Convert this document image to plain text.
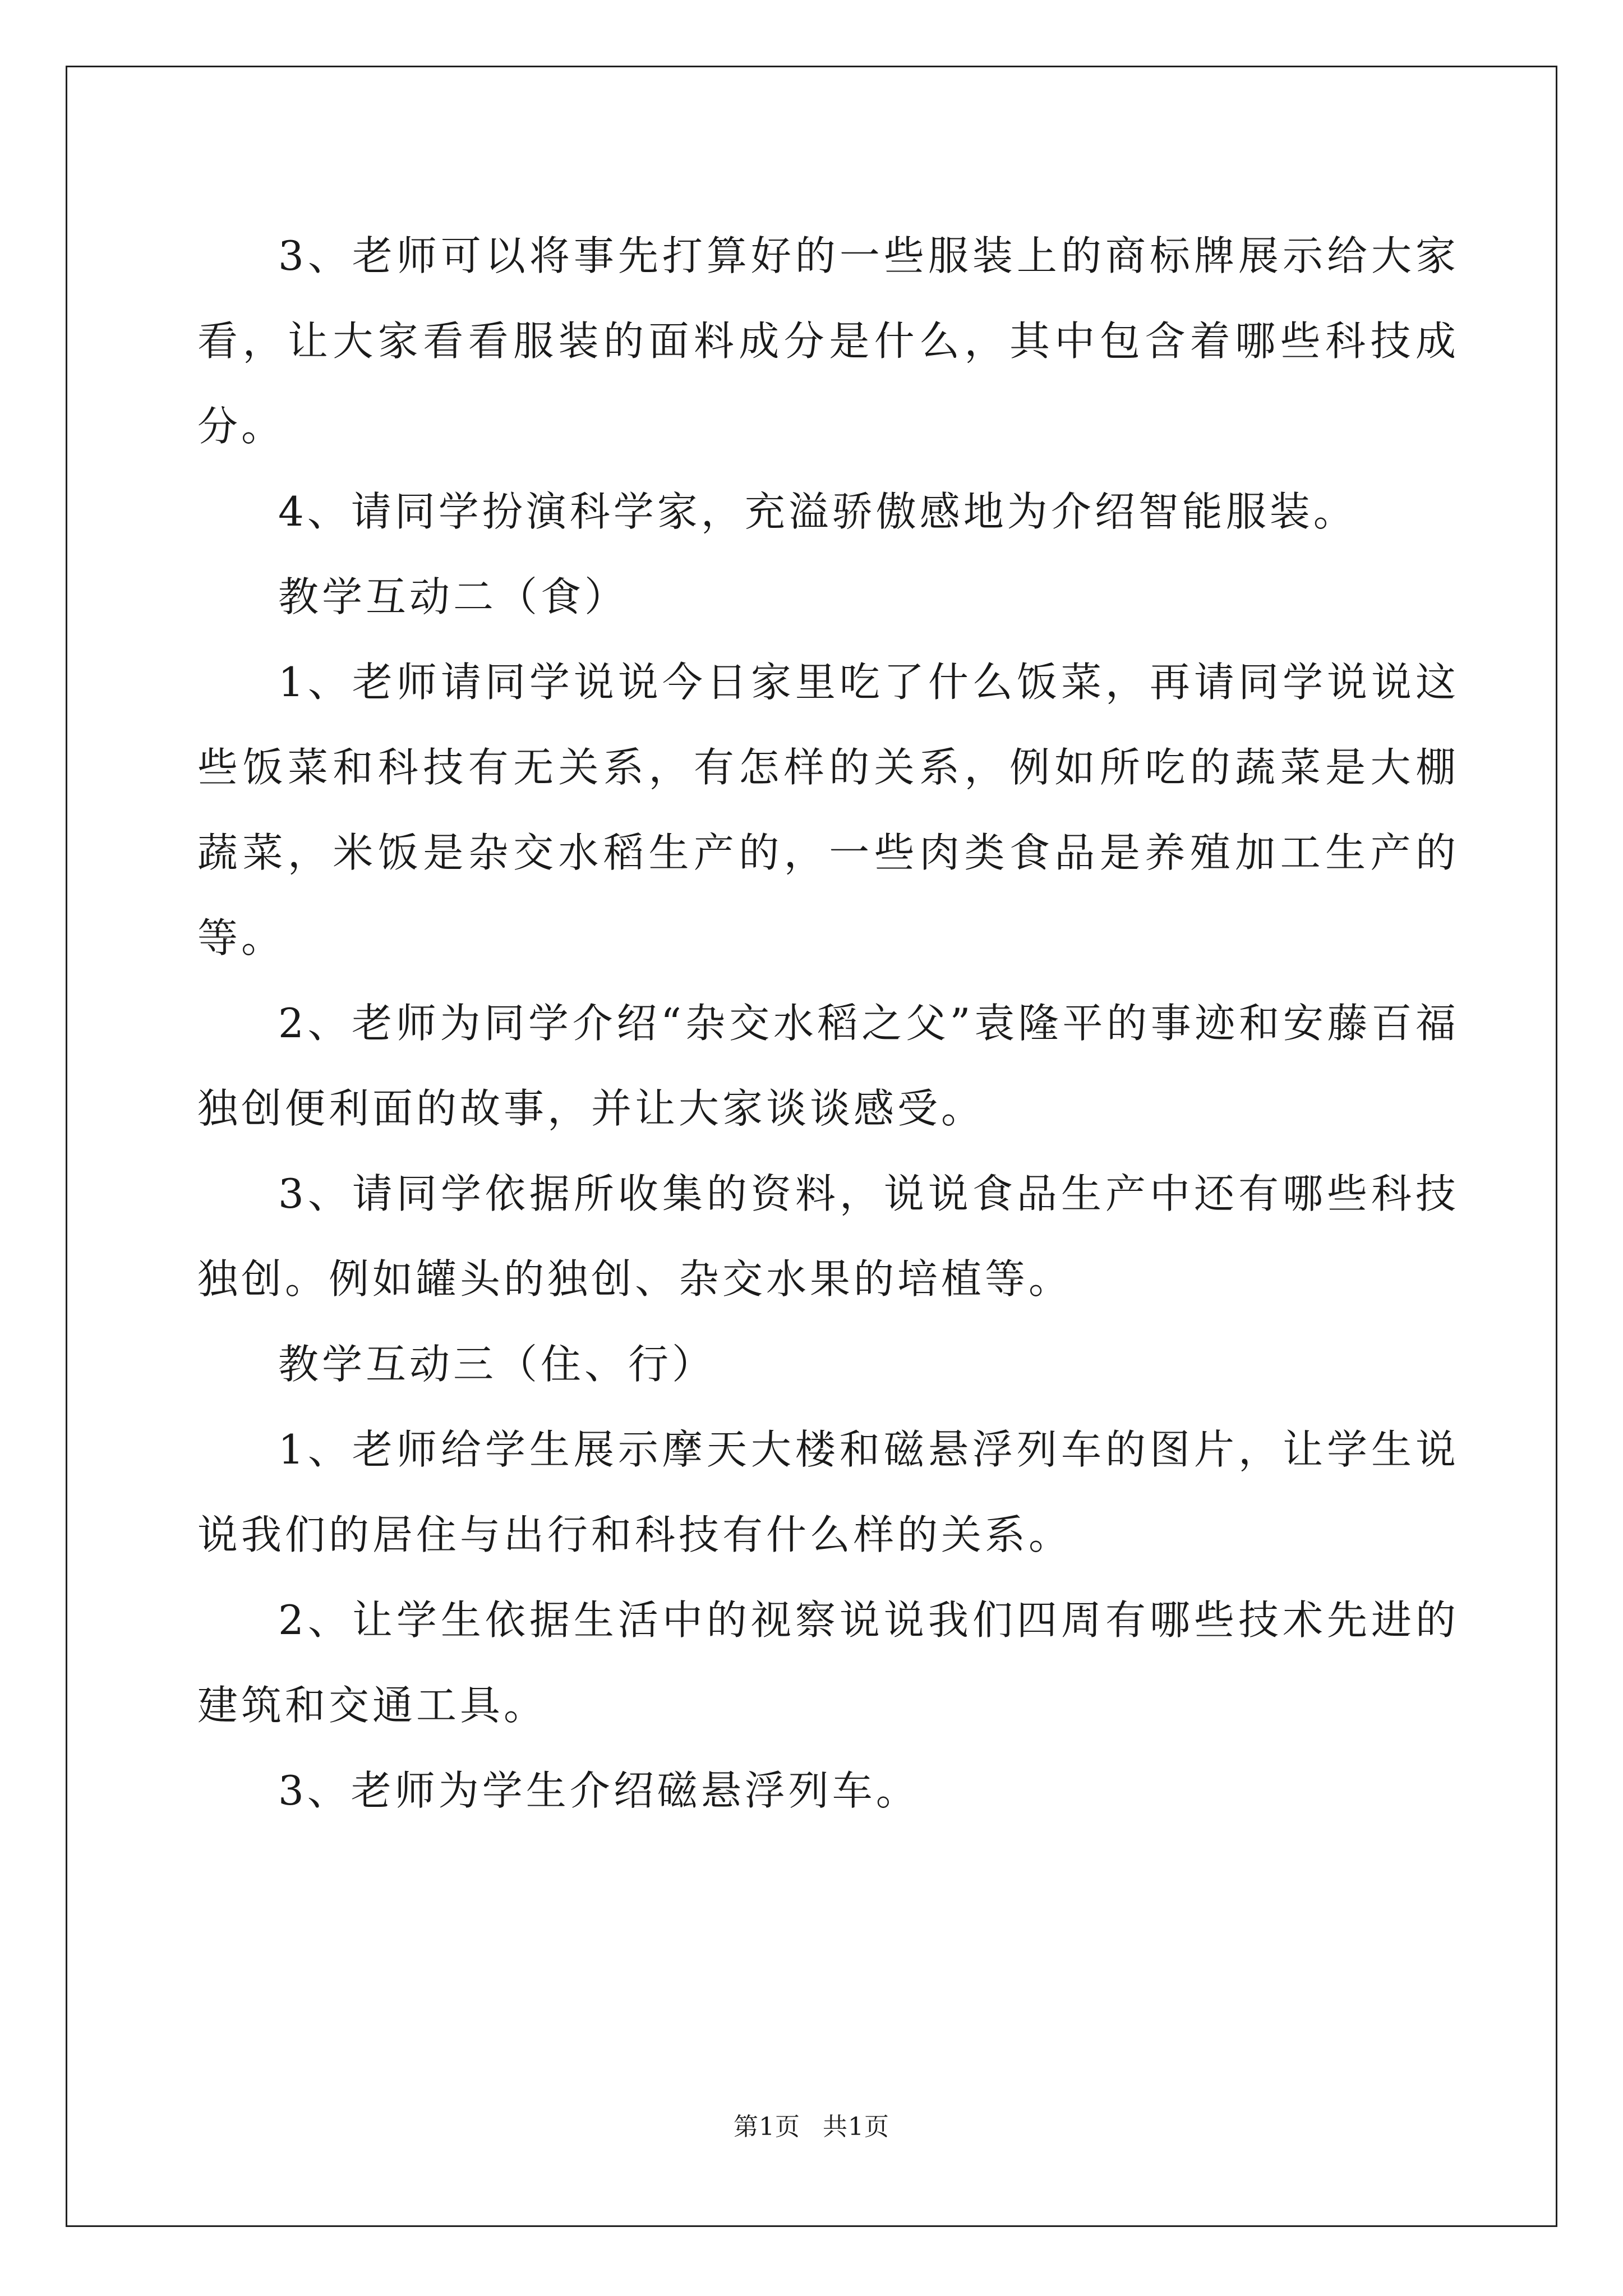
3、老师可以将事先打算好的一些服装上的商标牌展示给大家看，让大家看看服装的面料成分是什么，其中包含着哪些科技成分。

4、请同学扮演科学家，充溢骄傲感地为介绍智能服装。

教学互动二（食）

1、老师请同学说说今日家里吃了什么饭菜，再请同学说说这些饭菜和科技有无关系，有怎样的关系，例如所吃的蔬菜是大棚蔬菜，米饭是杂交水稻生产的，一些肉类食品是养殖加工生产的等。

2、老师为同学介绍“杂交水稻之父”袁隆平的事迹和安藤百福独创便利面的故事，并让大家谈谈感受。

3、请同学依据所收集的资料，说说食品生产中还有哪些科技独创。例如罐头的独创、杂交水果的培植等。

教学互动三（住、行）

1、老师给学生展示摩天大楼和磁悬浮列车的图片，让学生说说我们的居住与出行和科技有什么样的关系。

2、让学生依据生活中的视察说说我们四周有哪些技术先进的建筑和交通工具。

3、老师为学生介绍磁悬浮列车。

第1页 共1页
